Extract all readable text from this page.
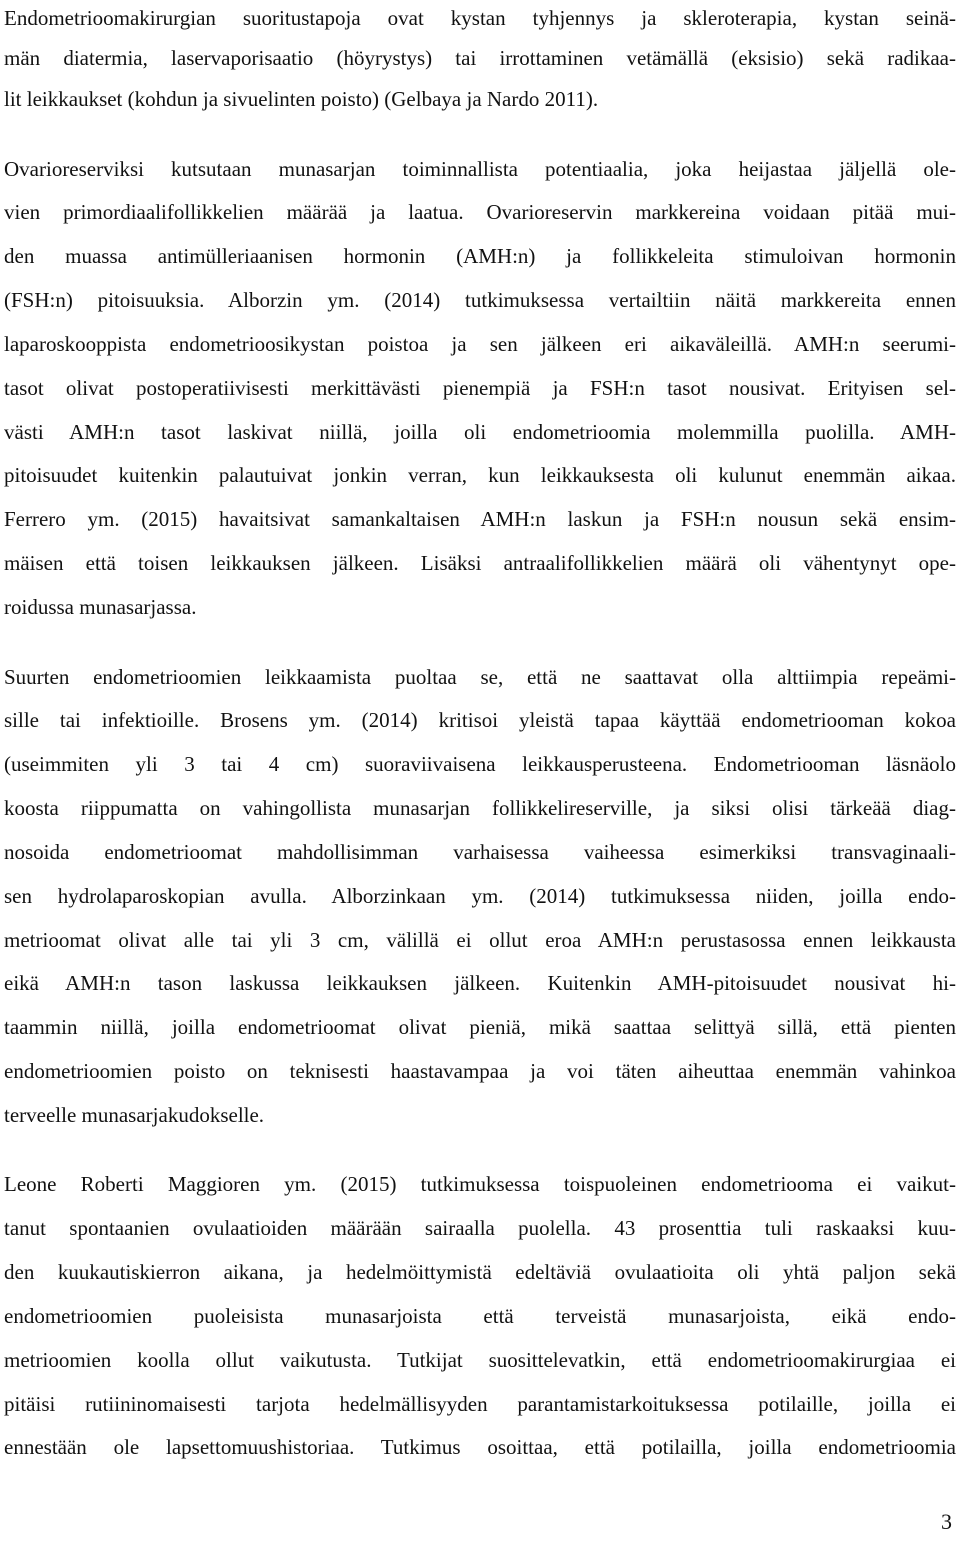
Endometrioomakirurgian suoritustapoja ovat kystan tyhjennys ja skleroterapia, kystan seinä-

män diatermia, laservaporisaatio (höyrystys) tai irrottaminen vetämällä (eksisio) sekä radikaa-

lit leikkaukset (kohdun ja sivuelinten poisto) (Gelbaya ja Nardo 2011).

Ovarioreserviksi kutsutaan munasarjan toiminnallista potentiaalia, joka heijastaa jäljellä ole-

vien primordiaalifollikkelien määrää ja laatua. Ovarioreservin markkereina voidaan pitää mui-

den muassa antimülleriaanisen hormonin (AMH:n) ja follikkeleita stimuloivan hormonin

(FSH:n) pitoisuuksia. Alborzin ym. (2014) tutkimuksessa vertailtiin näitä markkereita ennen

laparoskooppista endometrioosikystan poistoa ja sen jälkeen eri aikaväleillä. AMH:n seerumi-

tasot olivat postoperatiivisesti merkittävästi pienempiä ja FSH:n tasot nousivat. Erityisen sel-

västi AMH:n tasot laskivat niillä, joilla oli endometrioomia molemmilla puolilla. AMH-

pitoisuudet kuitenkin palautuivat jonkin verran, kun leikkauksesta oli kulunut enemmän aikaa.

Ferrero ym. (2015) havaitsivat samankaltaisen AMH:n laskun ja FSH:n nousun sekä ensim-

mäisen että toisen leikkauksen jälkeen. Lisäksi antraalifollikkelien määrä oli vähentynyt ope-

roidussa munasarjassa.

Suurten endometrioomien leikkaamista puoltaa se, että ne saattavat olla alttiimpia repeämi-

sille tai infektioille. Brosens ym. (2014) kritisoi yleistä tapaa käyttää endometriooman kokoa

(useimmiten yli 3 tai 4 cm) suoraviivaisena leikkausperusteena. Endometriooman läsnäolo

koosta riippumatta on vahingollista munasarjan follikkelireserville, ja siksi olisi tärkeää diag-

nosoida endometrioomat mahdollisimman varhaisessa vaiheessa esimerkiksi transvaginaali-

sen hydrolaparoskopian avulla. Alborzinkaan ym. (2014) tutkimuksessa niiden, joilla endo-

metrioomat olivat alle tai yli 3 cm, välillä ei ollut eroa AMH:n perustasossa ennen leikkausta

eikä AMH:n tason laskussa leikkauksen jälkeen. Kuitenkin AMH-pitoisuudet nousivat hi-

taammin niillä, joilla endometrioomat olivat pieniä, mikä saattaa selittyä sillä, että pienten

endometrioomien poisto on teknisesti haastavampaa ja voi täten aiheuttaa enemmän vahinkoa

terveelle munasarjakudokselle.

Leone Roberti Maggioren ym. (2015) tutkimuksessa toispuoleinen endometriooma ei vaikut-

tanut spontaanien ovulaatioiden määrään sairaalla puolella. 43 prosenttia tuli raskaaksi kuu-

den kuukautiskierron aikana, ja hedelmöittymistä edeltäviä ovulaatioita oli yhtä paljon sekä

endometrioomien puoleisista munasarjoista että terveistä munasarjoista, eikä endo-

metrioomien koolla ollut vaikutusta. Tutkijat suosittelevatkin, että endometrioomakirurgiaa ei

pitäisi rutiininomaisesti tarjota hedelmällisyyden parantamistarkoituksessa potilaille, joilla ei

ennestään ole lapsettomuushistoriaa. Tutkimus osoittaa, että potilailla, joilla endometrioomia

3
